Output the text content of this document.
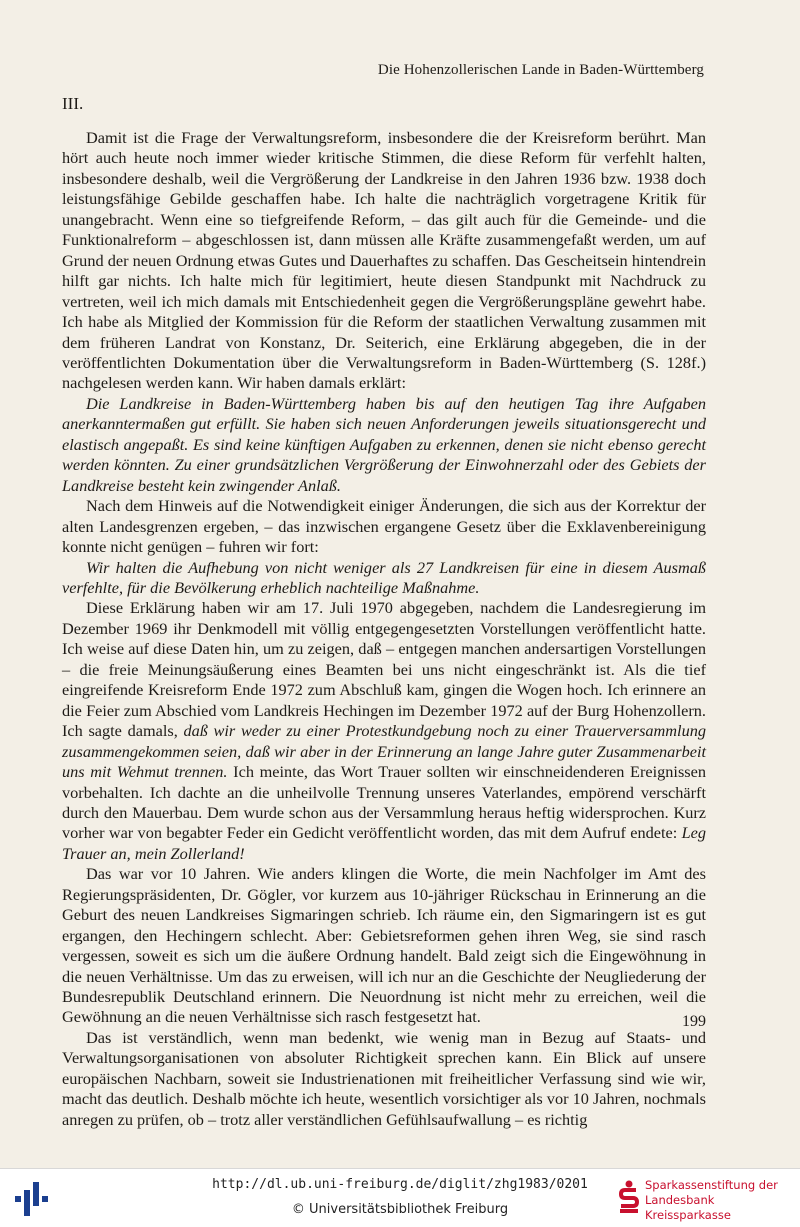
Die Hohenzollerischen Lande in Baden-Württemberg
III.

Damit ist die Frage der Verwaltungsreform, insbesondere die der Kreisreform berührt. Man hört auch heute noch immer wieder kritische Stimmen, die diese Reform für verfehlt halten, insbesondere deshalb, weil die Vergrößerung der Landkreise in den Jahren 1936 bzw. 1938 doch leistungsfähige Gebilde geschaffen habe. Ich halte die nachträglich vorgetragene Kritik für unangebracht. Wenn eine so tiefgreifende Reform, – das gilt auch für die Gemeinde- und die Funktionalreform – abgeschlossen ist, dann müssen alle Kräfte zusammengefaßt werden, um auf Grund der neuen Ordnung etwas Gutes und Dauerhaftes zu schaffen. Das Gescheitsein hintendrein hilft gar nichts. Ich halte mich für legitimiert, heute diesen Standpunkt mit Nachdruck zu vertreten, weil ich mich damals mit Entschiedenheit gegen die Vergrößerungspläne gewehrt habe. Ich habe als Mitglied der Kommission für die Reform der staatlichen Verwaltung zusammen mit dem früheren Landrat von Konstanz, Dr. Seiterich, eine Erklärung abgegeben, die in der veröffentlichten Dokumentation über die Verwaltungsreform in Baden-Württemberg (S. 128f.) nachgelesen werden kann. Wir haben damals erklärt:

Die Landkreise in Baden-Württemberg haben bis auf den heutigen Tag ihre Aufgaben anerkanntermaßen gut erfüllt. Sie haben sich neuen Anforderungen jeweils situationsgerecht und elastisch angepaßt. Es sind keine künftigen Aufgaben zu erkennen, denen sie nicht ebenso gerecht werden könnten. Zu einer grundsätzlichen Vergrößerung der Einwohnerzahl oder des Gebiets der Landkreise besteht kein zwingender Anlaß.

Nach dem Hinweis auf die Notwendigkeit einiger Änderungen, die sich aus der Korrektur der alten Landesgrenzen ergeben, – das inzwischen ergangene Gesetz über die Exklavenbereinigung konnte nicht genügen – fuhren wir fort:

Wir halten die Aufhebung von nicht weniger als 27 Landkreisen für eine in diesem Ausmaß verfehlte, für die Bevölkerung erheblich nachteilige Maßnahme.

Diese Erklärung haben wir am 17. Juli 1970 abgegeben, nachdem die Landesregierung im Dezember 1969 ihr Denkmodell mit völlig entgegengesetzten Vorstellungen veröffentlicht hatte. Ich weise auf diese Daten hin, um zu zeigen, daß – entgegen manchen andersartigen Vorstellungen – die freie Meinungsäußerung eines Beamten bei uns nicht eingeschränkt ist. Als die tief eingreifende Kreisreform Ende 1972 zum Abschluß kam, gingen die Wogen hoch. Ich erinnere an die Feier zum Abschied vom Landkreis Hechingen im Dezember 1972 auf der Burg Hohenzollern. Ich sagte damals, daß wir weder zu einer Protestkundgebung noch zu einer Trauerversammlung zusammengekommen seien, daß wir aber in der Erinnerung an lange Jahre guter Zusammenarbeit uns mit Wehmut trennen. Ich meinte, das Wort Trauer sollten wir einschneidenderen Ereignissen vorbehalten. Ich dachte an die unheilvolle Trennung unseres Vaterlandes, empörend verschärft durch den Mauerbau. Dem wurde schon aus der Versammlung heraus heftig widersprochen. Kurz vorher war von begabter Feder ein Gedicht veröffentlicht worden, das mit dem Aufruf endete: Leg Trauer an, mein Zollerland!

Das war vor 10 Jahren. Wie anders klingen die Worte, die mein Nachfolger im Amt des Regierungspräsidenten, Dr. Gögler, vor kurzem aus 10-jähriger Rückschau in Erinnerung an die Geburt des neuen Landkreises Sigmaringen schrieb. Ich räume ein, den Sigmaringern ist es gut ergangen, den Hechingern schlecht. Aber: Gebietsreformen gehen ihren Weg, sie sind rasch vergessen, soweit es sich um die äußere Ordnung handelt. Bald zeigt sich die Eingewöhnung in die neuen Verhältnisse. Um das zu erweisen, will ich nur an die Geschichte der Neugliederung der Bundesrepublik Deutschland erinnern. Die Neuordnung ist nicht mehr zu erreichen, weil die Gewöhnung an die neuen Verhältnisse sich rasch festgesetzt hat.

Das ist verständlich, wenn man bedenkt, wie wenig man in Bezug auf Staats- und Verwaltungsorganisationen von absoluter Richtigkeit sprechen kann. Ein Blick auf unsere europäischen Nachbarn, soweit sie Industrienationen mit freiheitlicher Verfassung sind wie wir, macht das deutlich. Deshalb möchte ich heute, wesentlich vorsichtiger als vor 10 Jahren, nochmals anregen zu prüfen, ob – trotz aller verständlichen Gefühlsaufwallung – es richtig

199
http://dl.ub.uni-freiburg.de/diglit/zhg1983/0201
© Universitätsbibliothek Freiburg
Sparkassenstiftung der
Landesbank Kreissparkasse
